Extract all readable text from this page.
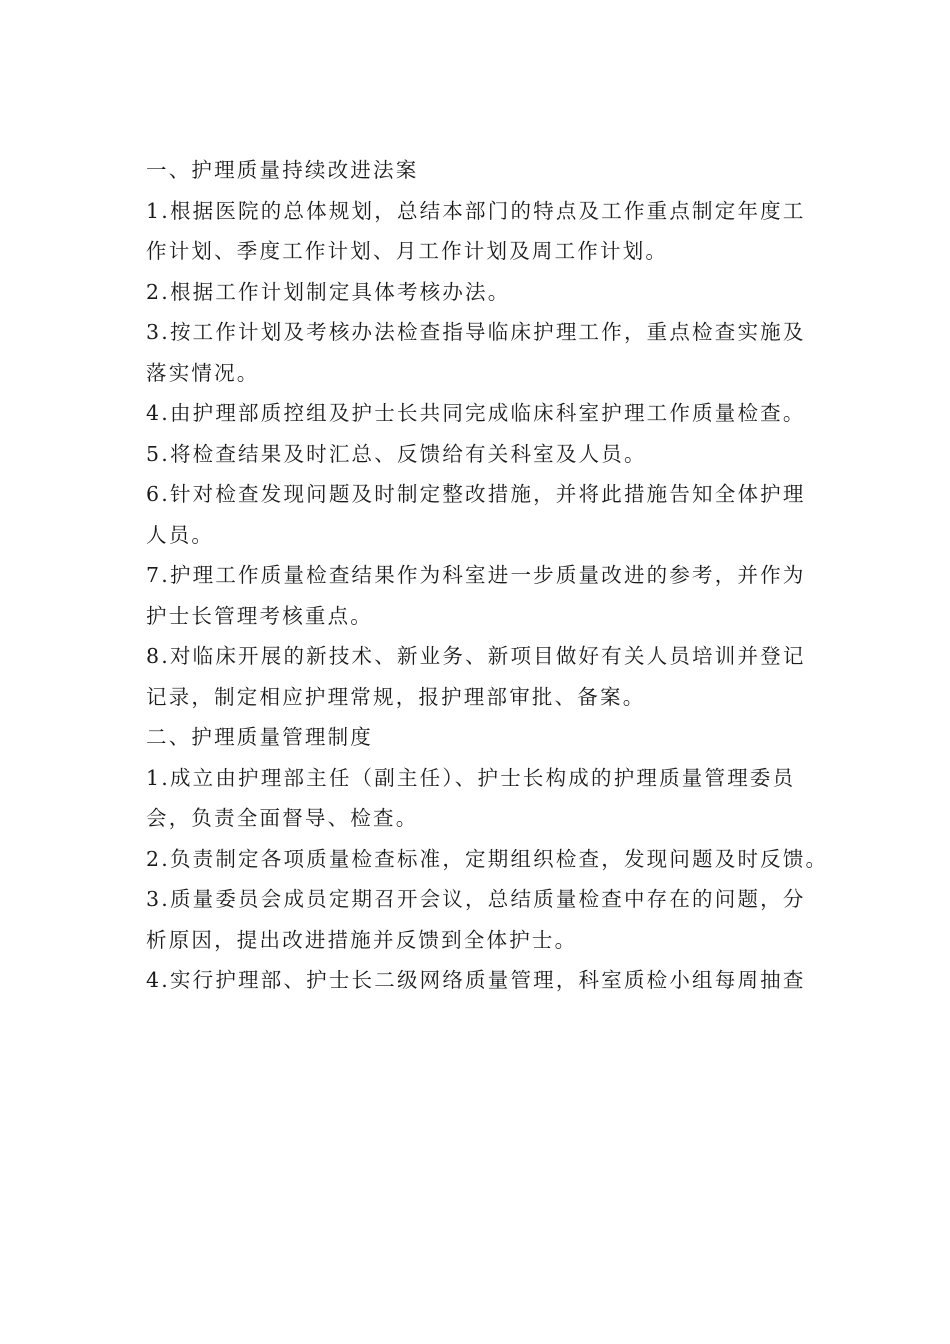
一、护理质量持续改进法案
1.根据医院的总体规划，总结本部门的特点及工作重点制定年度工
作计划、季度工作计划、月工作计划及周工作计划。
2.根据工作计划制定具体考核办法。
3.按工作计划及考核办法检查指导临床护理工作，重点检查实施及
落实情况。
4.由护理部质控组及护士长共同完成临床科室护理工作质量检查。
5.将检查结果及时汇总、反馈给有关科室及人员。
6.针对检查发现问题及时制定整改措施，并将此措施告知全体护理
人员。
7.护理工作质量检查结果作为科室进一步质量改进的参考，并作为
护士长管理考核重点。
8.对临床开展的新技术、新业务、新项目做好有关人员培训并登记
记录，制定相应护理常规，报护理部审批、备案。
二、护理质量管理制度
1.成立由护理部主任（副主任）、护士长构成的护理质量管理委员
会，负责全面督导、检查。
2.负责制定各项质量检查标准，定期组织检查，发现问题及时反馈。
3.质量委员会成员定期召开会议，总结质量检查中存在的问题，分
析原因，提出改进措施并反馈到全体护士。
4.实行护理部、护士长二级网络质量管理，科室质检小组每周抽查
